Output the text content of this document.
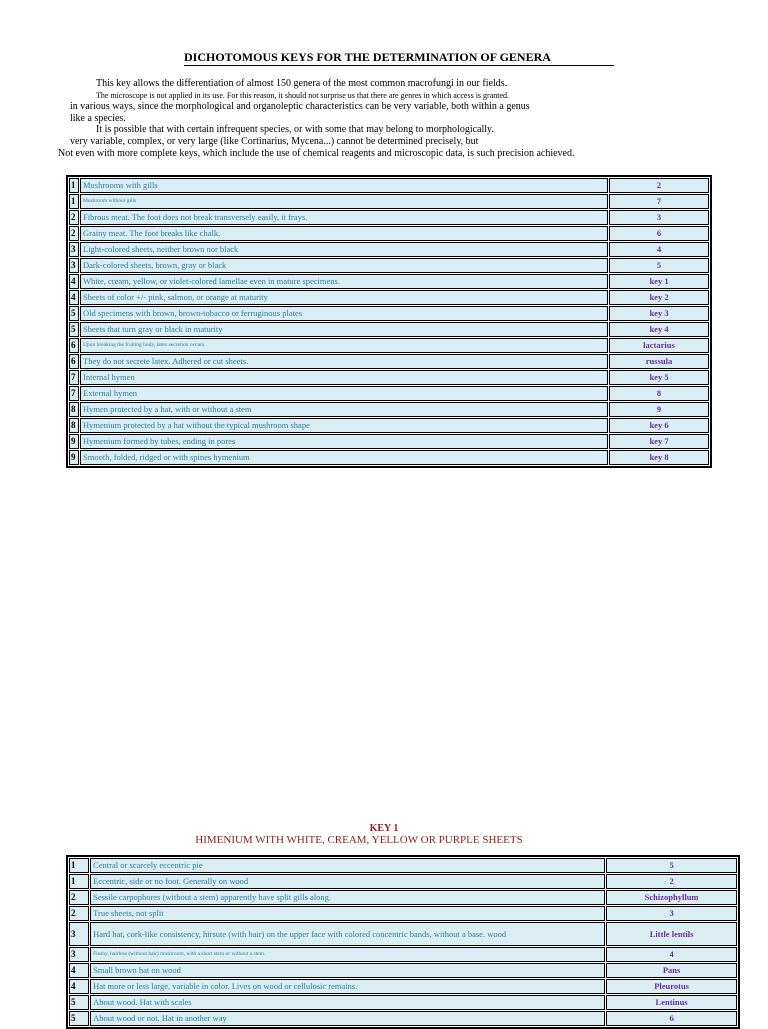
DICHOTOMOUS KEYS FOR THE DETERMINATION OF GENERA
This key allows the differentiation of almost 150 genera of the most common macrofungi in our fields.
The microscope is not applied in its use. For this reason, it should not surprise us that there are genres in which access is granted.
in various ways, since the morphological and organoleptic characteristics can be very variable, both within a genus
like a species.
It is possible that with certain infrequent species, or with some that may belong to morphologically.
very variable, complex, or very large (like Cortinarius, Mycena...) cannot be determined precisely, but
Not even with more complete keys, which include the use of chemical reagents and microscopic data, is such precision achieved.
1	Mushrooms with gills	2
1	Mushroom without gills	7
2	Fibrous meat. The foot does not break transversely easily, it frays.	3
2	Grainy meat. The foot breaks like chalk.	6
3	Light-colored sheets, neither brown nor black	4
3	Dark-colored sheets, brown, gray or black	5
4	White, cream, yellow, or violet-colored lamellae even in mature specimens.	key 1
4	Sheets of color +/- pink, salmon, or orange at maturity	key 2
5	Old specimens with brown, brown-tobacco or ferruginous plates	key 3
5	Sheets that turn gray or black in maturity	key 4
6	Upon breaking the fruiting body, latex secretion occurs.	lactarius
6	They do not secrete latex. Adhered or cut sheets.	russula
7	Internal hymen	key 5
7	External hymen	8
8	Hymen protected by a hat, with or without a stem	9
8	Hymenium protected by a hat without the typical mushroom shape	key 6
9	Hymenium formed by tubes, ending in pores	key 7
9	Smooth, folded, ridged or with spines hymenium	key 8
KEY 1
HIMENIUM WITH WHITE, CREAM, YELLOW OR PURPLE SHEETS
1	Central or scarcely eccentric pie	5
1	Eccentric, side or no foot. Generally on wood	2
2	Sessile carpophores (without a stem) apparently have split gills along.	Schizophyllum
2	True sheets, not split	3
3	Hard hat, cork-like consistency, hirsute (with hair) on the upper face with colored concentric bands, without a base. wood	Little lentils
3	Fleshy, hairless (without hair) mushroom, with a short stem or without a stem.	4
4	Small brown hat on wood	Pans
4	Hat more or less large, variable in color. Lives on wood or cellulosic remains.	Pleurotus
5	About wood. Hat with scales	Lentinus
5	About wood or not. Hat in another way	6
